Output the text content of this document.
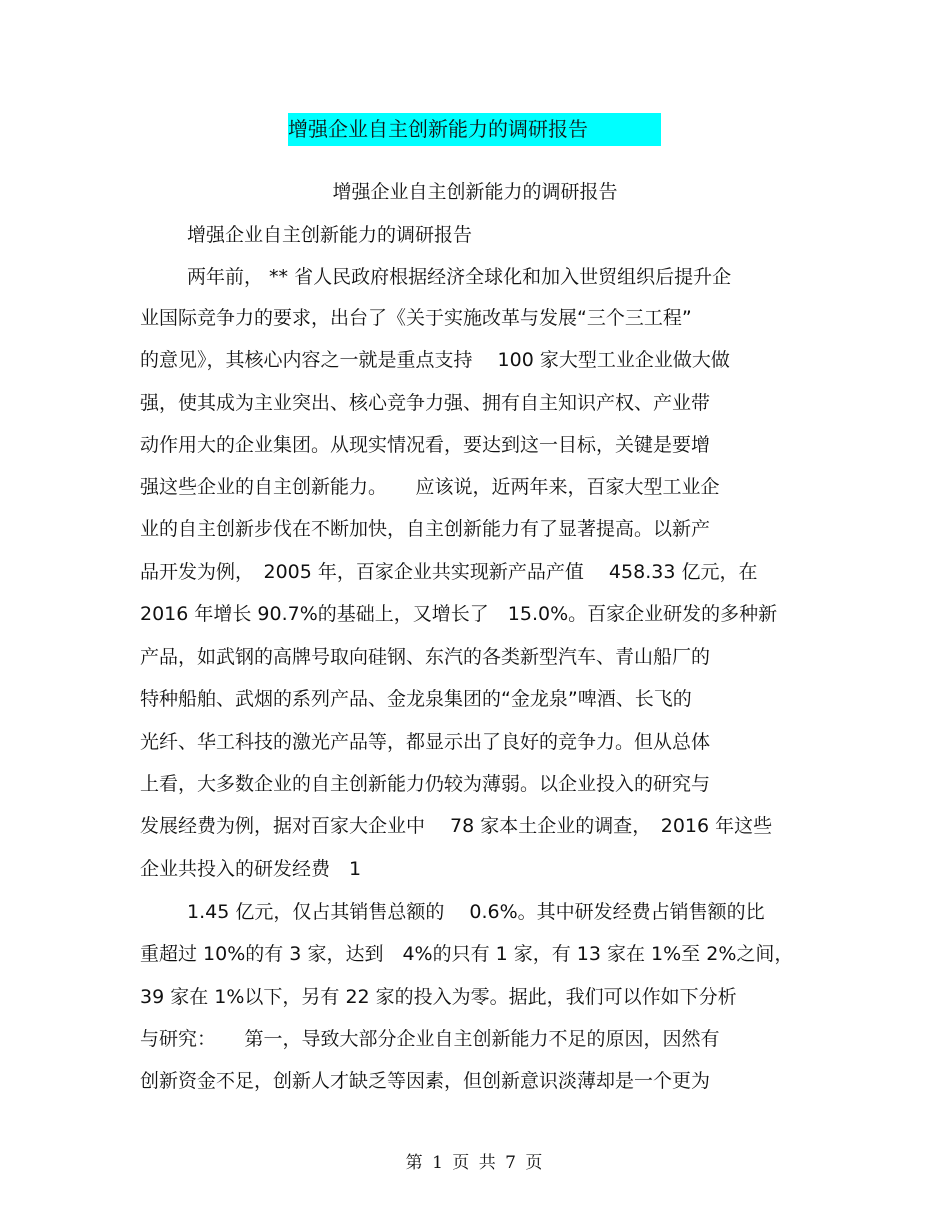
增强企业自主创新能力的调研报告
增强企业自主创新能力的调研报告
增强企业自主创新能力的调研报告
两年前， ** 省人民政府根据经济全球化和加入世贸组织后提升企
业国际竞争力的要求，出台了《关于实施改革与发展“三个三工程”
的意见》，其核心内容之一就是重点支持　 100 家大型工业企业做大做
强，使其成为主业突出、核心竞争力强、拥有自主知识产权、产业带
动作用大的企业集团。从现实情况看，要达到这一目标，关键是要增
强这些企业的自主创新能力。　　应该说，近两年来，百家大型工业企
业的自主创新步伐在不断加快，自主创新能力有了显著提高。以新产
品开发为例，　2005 年，百家企业共实现新产品产值　 458.33 亿元，在
2016 年增长 90.7%的基础上，又增长了　15.0%。百家企业研发的多种新
产品，如武钢的高牌号取向硅钢、东汽的各类新型汽车、青山船厂的
特种船舶、武烟的系列产品、金龙泉集团的“金龙泉”啤酒、长飞的
光纤、华工科技的激光产品等，都显示出了良好的竞争力。但从总体
上看，大多数企业的自主创新能力仍较为薄弱。以企业投入的研究与
发展经费为例，据对百家大企业中　 78 家本土企业的调查，　2016 年这些
企业共投入的研发经费　1
1.45 亿元，仅占其销售总额的　 0.6%。其中研发经费占销售额的比
重超过 10%的有 3 家，达到　4%的只有 1 家，有 13 家在 1%至 2%之间，
39 家在 1%以下，另有 22 家的投入为零。据此，我们可以作如下分析
与研究：　　第一，导致大部分企业自主创新能力不足的原因，因然有
创新资金不足，创新人才缺乏等因素，但创新意识淡薄却是一个更为
第 1 页 共 7 页
